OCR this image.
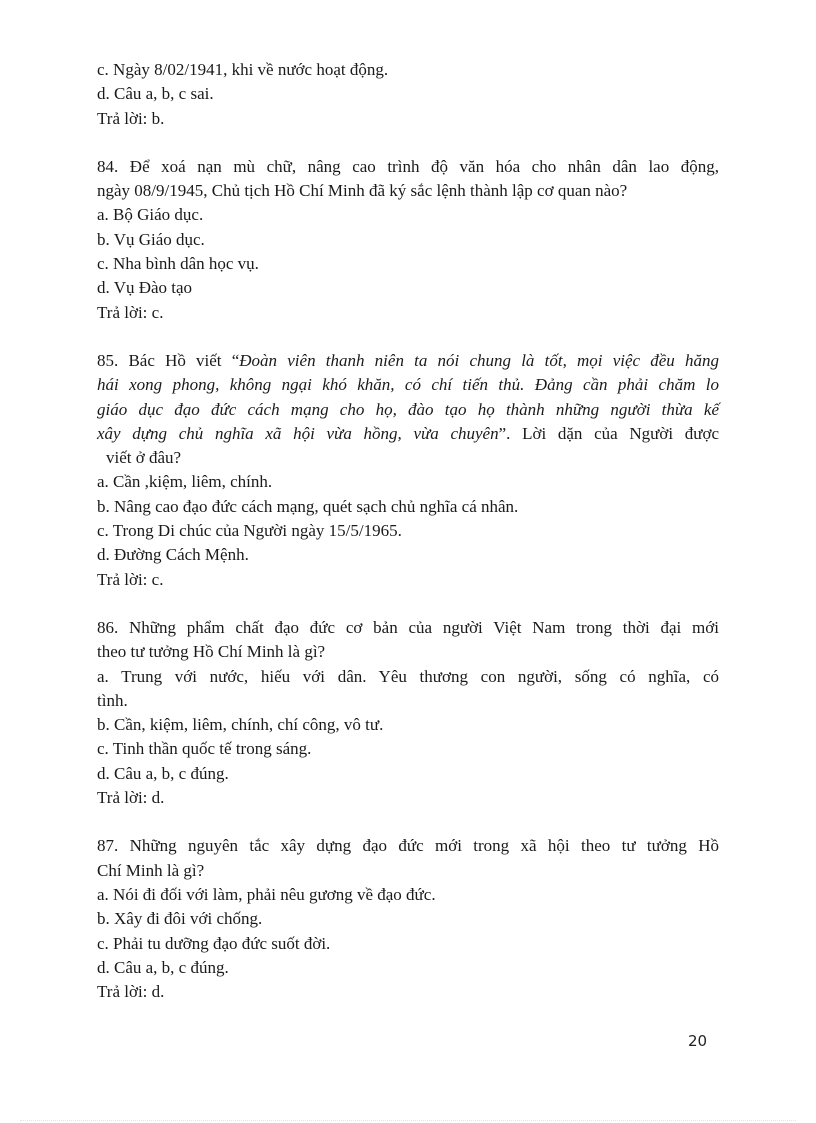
c. Ngày 8/02/1941, khi về nước hoạt động.
d. Câu a, b, c sai.
Trả lời: b.
84. Để xoá nạn mù chữ, nâng cao trình độ văn hóa cho nhân dân lao động,
ngày 08/9/1945, Chủ tịch Hồ Chí Minh đã ký sắc lệnh thành lập cơ quan nào?
a. Bộ Giáo dục.
b. Vụ Giáo dục.
c. Nha bình dân học vụ.
d. Vụ Đào tạo
Trả lời: c.
85. Bác Hồ viết “Đoàn viên thanh niên ta nói chung là tốt, mọi việc đều hăng
hái xong phong, không ngại khó khăn, có chí tiến thủ. Đảng cần phải chăm lo
giáo dục đạo đức cách mạng cho họ, đào tạo họ thành những người thừa kế
xây dựng chủ nghĩa xã hội vừa hồng, vừa chuyên”. Lời dặn của Người được
viết ở đâu?
a. Cần ,kiệm, liêm, chính.
b. Nâng cao đạo đức cách mạng, quét sạch chủ nghĩa cá nhân.
c. Trong Di chúc của Người ngày 15/5/1965.
d. Đường Cách Mệnh.
Trả lời: c.
86. Những phẩm chất đạo đức cơ bản của người Việt Nam trong thời đại mới
theo tư tưởng Hồ Chí Minh là gì?
a. Trung với nước, hiếu với dân. Yêu thương con người, sống có nghĩa, có
tình.
b. Cần, kiệm, liêm, chính, chí công, vô tư.
c. Tinh thần quốc tế trong sáng.
d. Câu a, b, c đúng.
Trả lời: d.
87. Những nguyên tắc xây dựng đạo đức mới trong xã hội theo tư tưởng Hồ
Chí Minh là gì?
a. Nói đi đối với làm, phải nêu gương về đạo đức.
b. Xây đi đôi với chống.
c. Phải tu dưỡng đạo đức suốt đời.
d. Câu a, b, c đúng.
Trả lời: d.
20
